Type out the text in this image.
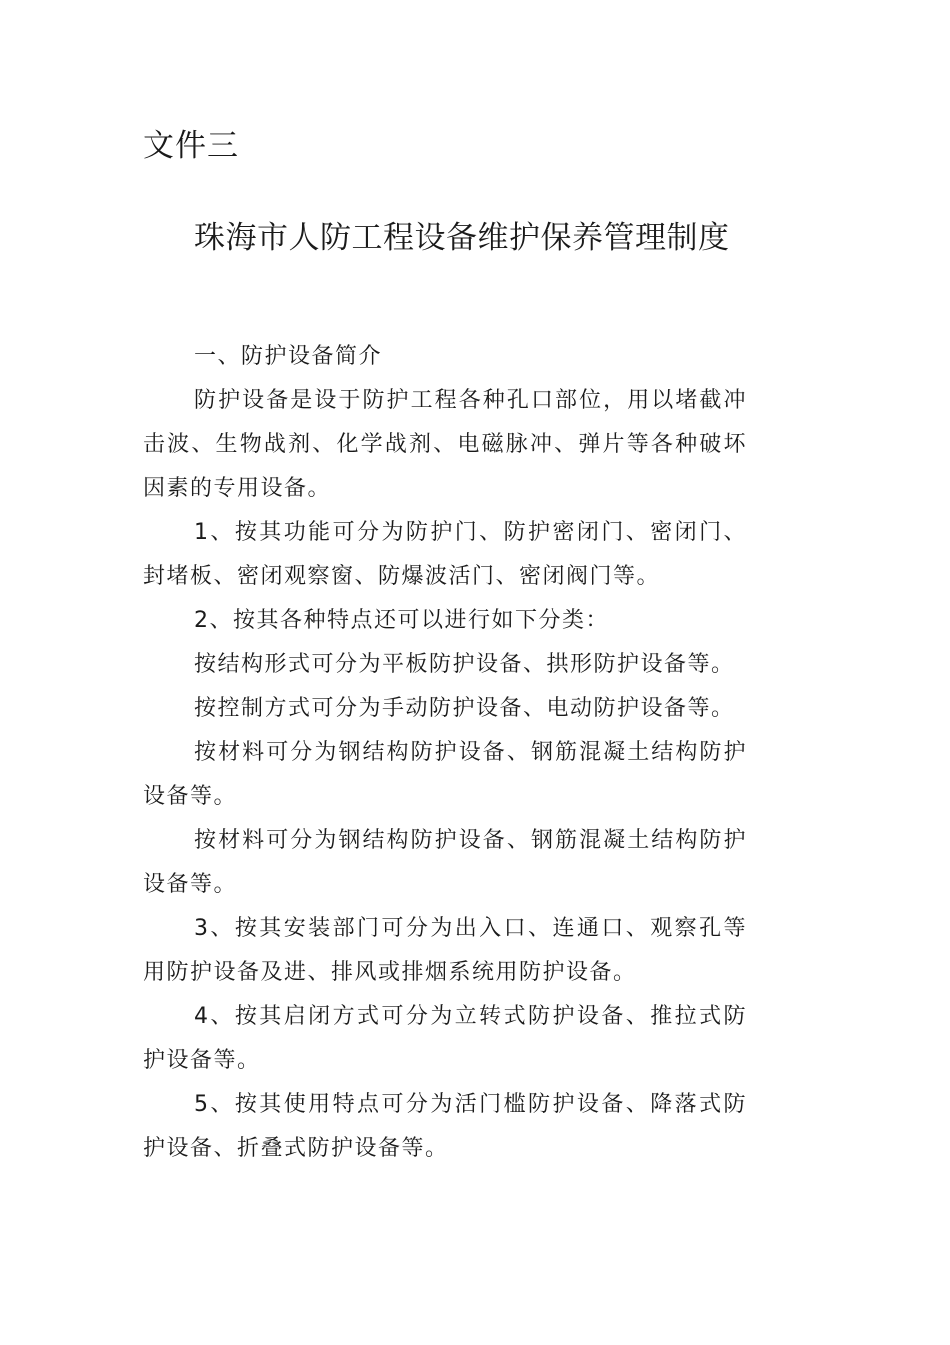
文件三
珠海市人防工程设备维护保养管理制度

一、防护设备简介

防护设备是设于防护工程各种孔口部位，用以堵截冲击波、生物战剂、化学战剂、电磁脉冲、弹片等各种破坏因素的专用设备。

1、按其功能可分为防护门、防护密闭门、密闭门、封堵板、密闭观察窗、防爆波活门、密闭阀门等。

2、按其各种特点还可以进行如下分类：

按结构形式可分为平板防护设备、拱形防护设备等。

按控制方式可分为手动防护设备、电动防护设备等。

按材料可分为钢结构防护设备、钢筋混凝土结构防护设备等。

按材料可分为钢结构防护设备、钢筋混凝土结构防护设备等。

3、按其安装部门可分为出入口、连通口、观察孔等用防护设备及进、排风或排烟系统用防护设备。

4、按其启闭方式可分为立转式防护设备、推拉式防护设备等。

5、按其使用特点可分为活门槛防护设备、降落式防护设备、折叠式防护设备等。
